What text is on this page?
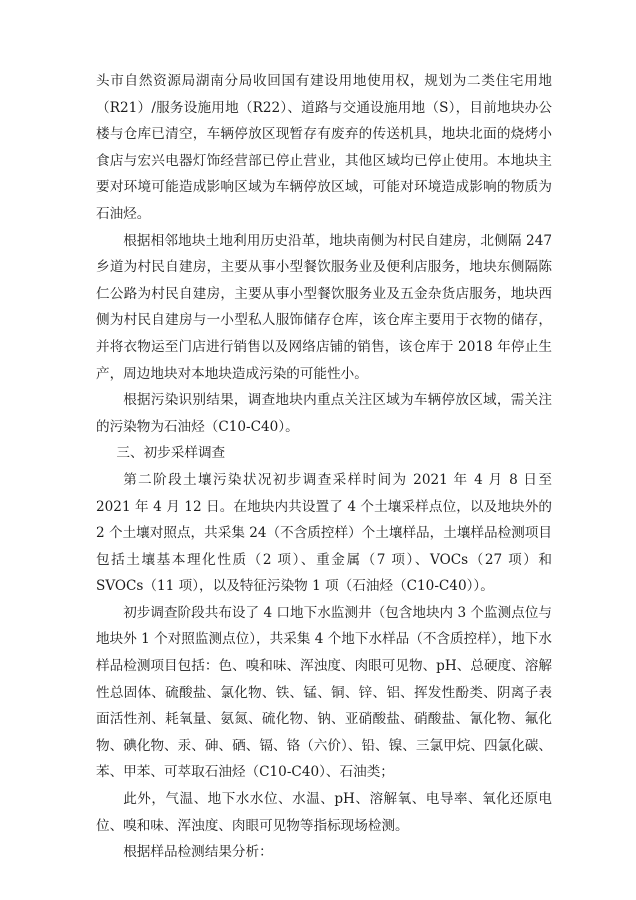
头市自然资源局湖南分局收回国有建设用地使用权，规划为二类住宅用地（R21）/服务设施用地（R22）、道路与交通设施用地（S），目前地块办公楼与仓库已清空，车辆停放区现暂存有废弃的传送机具，地块北面的烧烤小食店与宏兴电器灯饰经营部已停止营业，其他区域均已停止使用。本地块主要对环境可能造成影响区域为车辆停放区域，可能对环境造成影响的物质为石油烃。

根据相邻地块土地利用历史沿革，地块南侧为村民自建房，北侧隔 247 乡道为村民自建房，主要从事小型餐饮服务业及便利店服务，地块东侧隔陈仁公路为村民自建房，主要从事小型餐饮服务业及五金杂货店服务，地块西侧为村民自建房与一小型私人服饰储存仓库，该仓库主要用于衣物的储存，并将衣物运至门店进行销售以及网络店铺的销售，该仓库于 2018 年停止生产，周边地块对本地块造成污染的可能性小。

根据污染识别结果，调查地块内重点关注区域为车辆停放区域，需关注的污染物为石油烃（C10-C40）。

三、初步采样调查

第二阶段土壤污染状况初步调查采样时间为 2021 年 4 月 8 日至 2021 年 4 月 12 日。在地块内共设置了 4 个土壤采样点位，以及地块外的 2 个土壤对照点，共采集 24（不含质控样）个土壤样品，土壤样品检测项目包括土壤基本理化性质（2 项）、重金属（7 项）、VOCs（27 项）和 SVOCs（11 项），以及特征污染物 1 项（石油烃（C10-C40））。

初步调查阶段共布设了 4 口地下水监测井（包含地块内 3 个监测点位与地块外 1 个对照监测点位），共采集 4 个地下水样品（不含质控样），地下水样品检测项目包括：色、嗅和味、浑浊度、肉眼可见物、pH、总硬度、溶解性总固体、硫酸盐、氯化物、铁、锰、铜、锌、铝、挥发性酚类、阴离子表面活性剂、耗氧量、氨氮、硫化物、钠、亚硝酸盐、硝酸盐、氰化物、氟化物、碘化物、汞、砷、硒、镉、铬（六价）、铅、镍、三氯甲烷、四氯化碳、苯、甲苯、可萃取石油烃（C10-C40）、石油类；

此外，气温、地下水水位、水温、pH、溶解氧、电导率、氧化还原电位、嗅和味、浑浊度、肉眼可见物等指标现场检测。

根据样品检测结果分析：
